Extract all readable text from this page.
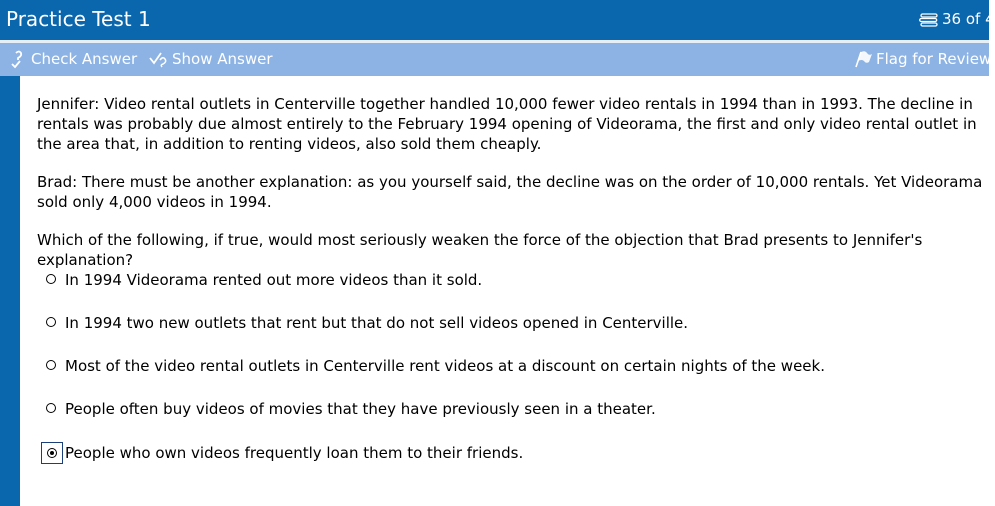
Practice Test 1	36 of 4
Check Answer	Show Answer	Flag for Review

Jennifer: Video rental outlets in Centerville together handled 10,000 fewer video rentals in 1994 than in 1993. The decline in rentals was probably due almost entirely to the February 1994 opening of Videorama, the first and only video rental outlet in the area that, in addition to renting videos, also sold them cheaply.

Brad: There must be another explanation: as you yourself said, the decline was on the order of 10,000 rentals. Yet Videorama sold only 4,000 videos in 1994.

Which of the following, if true, would most seriously weaken the force of the objection that Brad presents to Jennifer's explanation?

In 1994 Videorama rented out more videos than it sold.
In 1994 two new outlets that rent but that do not sell videos opened in Centerville.
Most of the video rental outlets in Centerville rent videos at a discount on certain nights of the week.
People often buy videos of movies that they have previously seen in a theater.
People who own videos frequently loan them to their friends.
